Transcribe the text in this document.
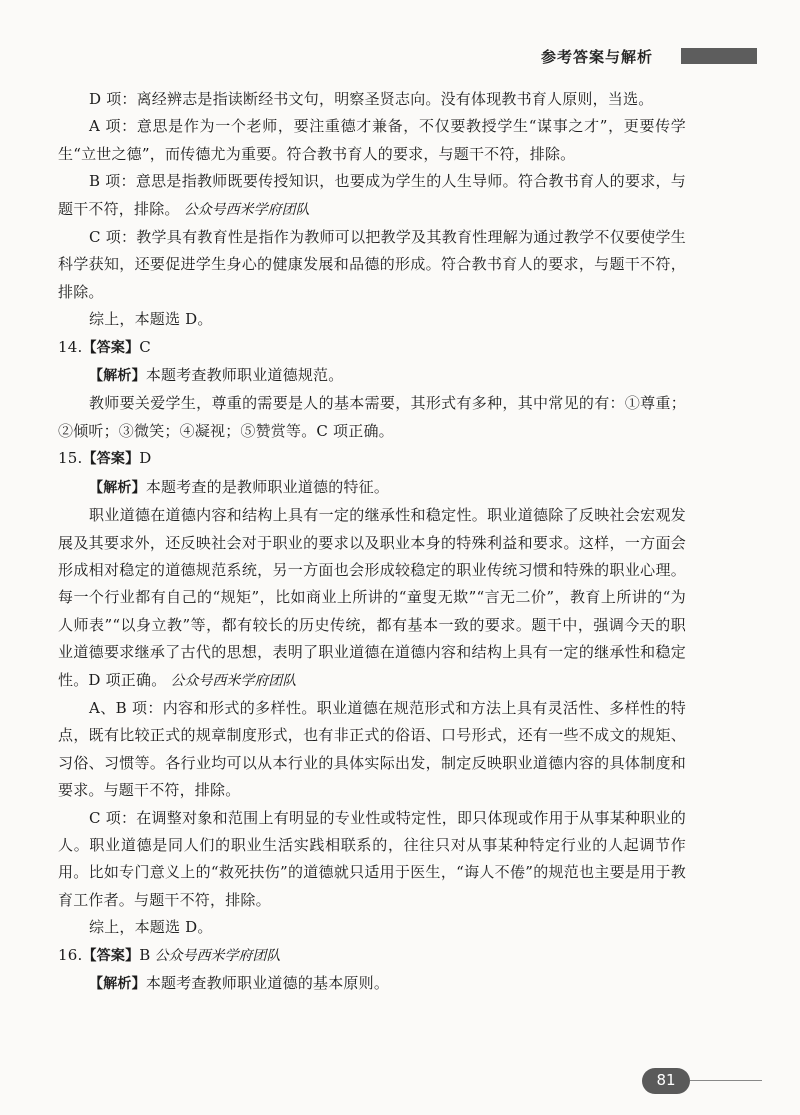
参考答案与解析

D 项：离经辨志是指读断经书文句，明察圣贤志向。没有体现教书育人原则，当选。

A 项：意思是作为一个老师，要注重德才兼备，不仅要教授学生“谋事之才”，更要传学生“立世之德”，而传德尤为重要。符合教书育人的要求，与题干不符，排除。

B 项：意思是指教师既要传授知识，也要成为学生的人生导师。符合教书育人的要求，与题干不符，排除。 公众号西米学府团队

C 项：教学具有教育性是指作为教师可以把教学及其教育性理解为通过教学不仅要使学生科学获知，还要促进学生身心的健康发展和品德的形成。符合教书育人的要求，与题干不符，排除。

综上，本题选 D。

14.【答案】C

【解析】本题考查教师职业道德规范。

教师要关爱学生，尊重的需要是人的基本需要，其形式有多种，其中常见的有：①尊重；②倾听；③微笑；④凝视；⑤赞赏等。C 项正确。

15.【答案】D

【解析】本题考查的是教师职业道德的特征。

职业道德在道德内容和结构上具有一定的继承性和稳定性。职业道德除了反映社会宏观发展及其要求外，还反映社会对于职业的要求以及职业本身的特殊利益和要求。这样，一方面会形成相对稳定的道德规范系统，另一方面也会形成较稳定的职业传统习惯和特殊的职业心理。每一个行业都有自己的“规矩”，比如商业上所讲的“童叟无欺”“言无二价”，教育上所讲的“为人师表”“以身立教”等，都有较长的历史传统，都有基本一致的要求。题干中，强调今天的职业道德要求继承了古代的思想，表明了职业道德在道德内容和结构上具有一定的继承性和稳定性。D 项正确。 公众号西米学府团队

A、B 项：内容和形式的多样性。职业道德在规范形式和方法上具有灵活性、多样性的特点，既有比较正式的规章制度形式，也有非正式的俗语、口号形式，还有一些不成文的规矩、习俗、习惯等。各行业均可以从本行业的具体实际出发，制定反映职业道德内容的具体制度和要求。与题干不符，排除。

C 项：在调整对象和范围上有明显的专业性或特定性，即只体现或作用于从事某种职业的人。职业道德是同人们的职业生活实践相联系的，往往只对从事某种特定行业的人起调节作用。比如专门意义上的“救死扶伤”的道德就只适用于医生，“诲人不倦”的规范也主要是用于教育工作者。与题干不符，排除。

综上，本题选 D。

16.【答案】B 公众号西米学府团队

【解析】本题考查教师职业道德的基本原则。

81
